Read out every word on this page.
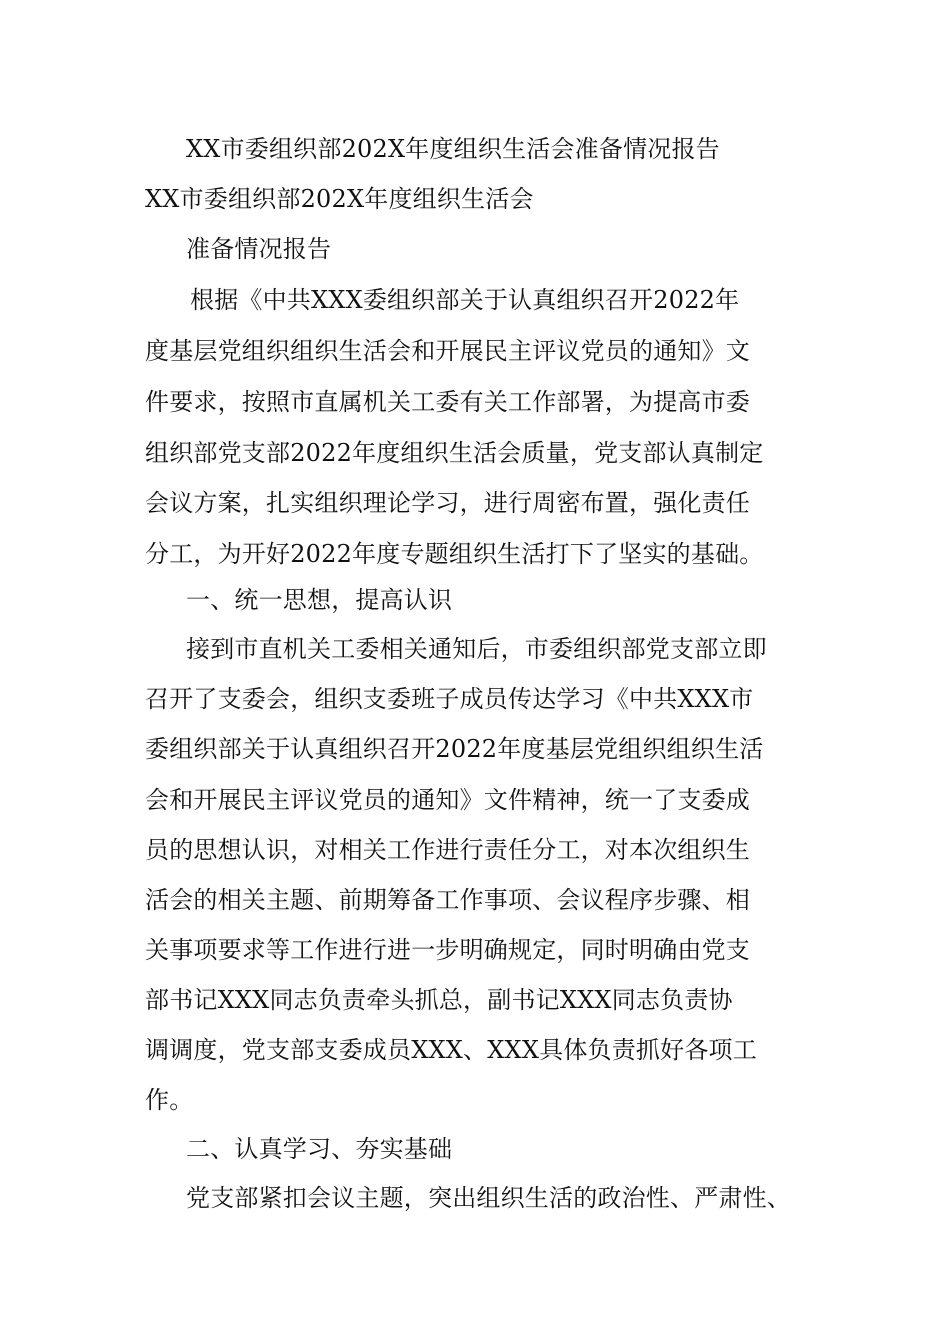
XX市委组织部202X年度组织生活会准备情况报告
XX市委组织部202X年度组织生活会
准备情况报告
根据《中共XXX委组织部关于认真组织召开2022年
度基层党组织组织生活会和开展民主评议党员的通知》文
件要求，按照市直属机关工委有关工作部署，为提高市委
组织部党支部2022年度组织生活会质量，党支部认真制定
会议方案，扎实组织理论学习，进行周密布置，强化责任
分工，为开好2022年度专题组织生活打下了坚实的基础。
一、统一思想，提高认识
接到市直机关工委相关通知后，市委组织部党支部立即
召开了支委会，组织支委班子成员传达学习《中共XXX市
委组织部关于认真组织召开2022年度基层党组织组织生活
会和开展民主评议党员的通知》文件精神，统一了支委成
员的思想认识，对相关工作进行责任分工，对本次组织生
活会的相关主题、前期筹备工作事项、会议程序步骤、相
关事项要求等工作进行进一步明确规定，同时明确由党支
部书记XXX同志负责牵头抓总，副书记XXX同志负责协
调调度，党支部支委成员XXX、XXX具体负责抓好各项工
作。
二、认真学习、夯实基础
党支部紧扣会议主题，突出组织生活的政治性、严肃性、
